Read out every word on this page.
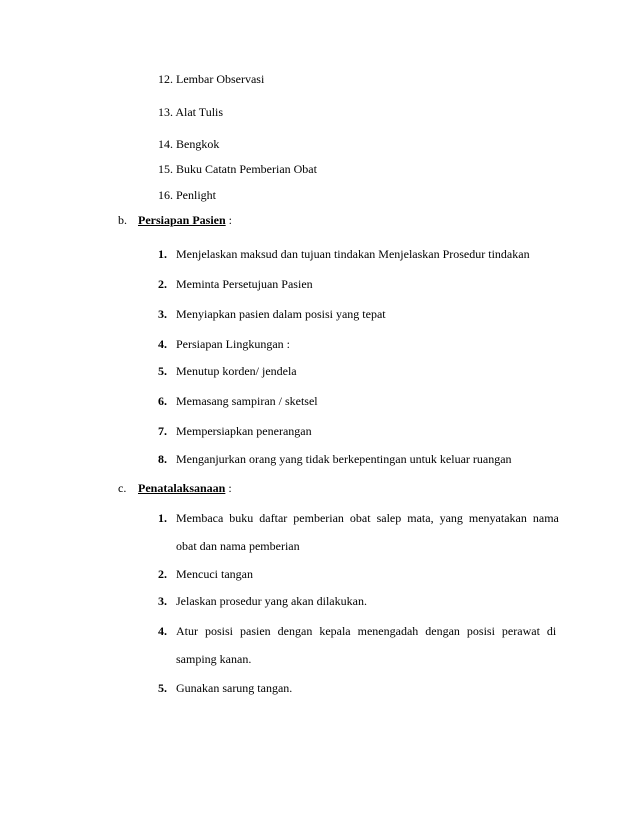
12. Lembar Observasi
13. Alat Tulis
14. Bengkok
15. Buku Catatn Pemberian Obat
16. Penlight
b. Persiapan Pasien :
1. Menjelaskan maksud dan tujuan tindakan Menjelaskan Prosedur tindakan
2. Meminta Persetujuan Pasien
3. Menyiapkan pasien dalam posisi yang tepat
4. Persiapan Lingkungan :
5. Menutup korden/ jendela
6. Memasang sampiran / sketsel
7. Mempersiapkan penerangan
8. Menganjurkan orang yang tidak berkepentingan untuk keluar ruangan
c. Penatalaksanaan :
1. Membaca buku daftar pemberian obat salep mata, yang menyatakan nama
obat dan nama pemberian
2. Mencuci tangan
3. Jelaskan prosedur yang akan dilakukan.
4. Atur posisi pasien dengan kepala menengadah dengan posisi perawat di
samping kanan.
5. Gunakan sarung tangan.
